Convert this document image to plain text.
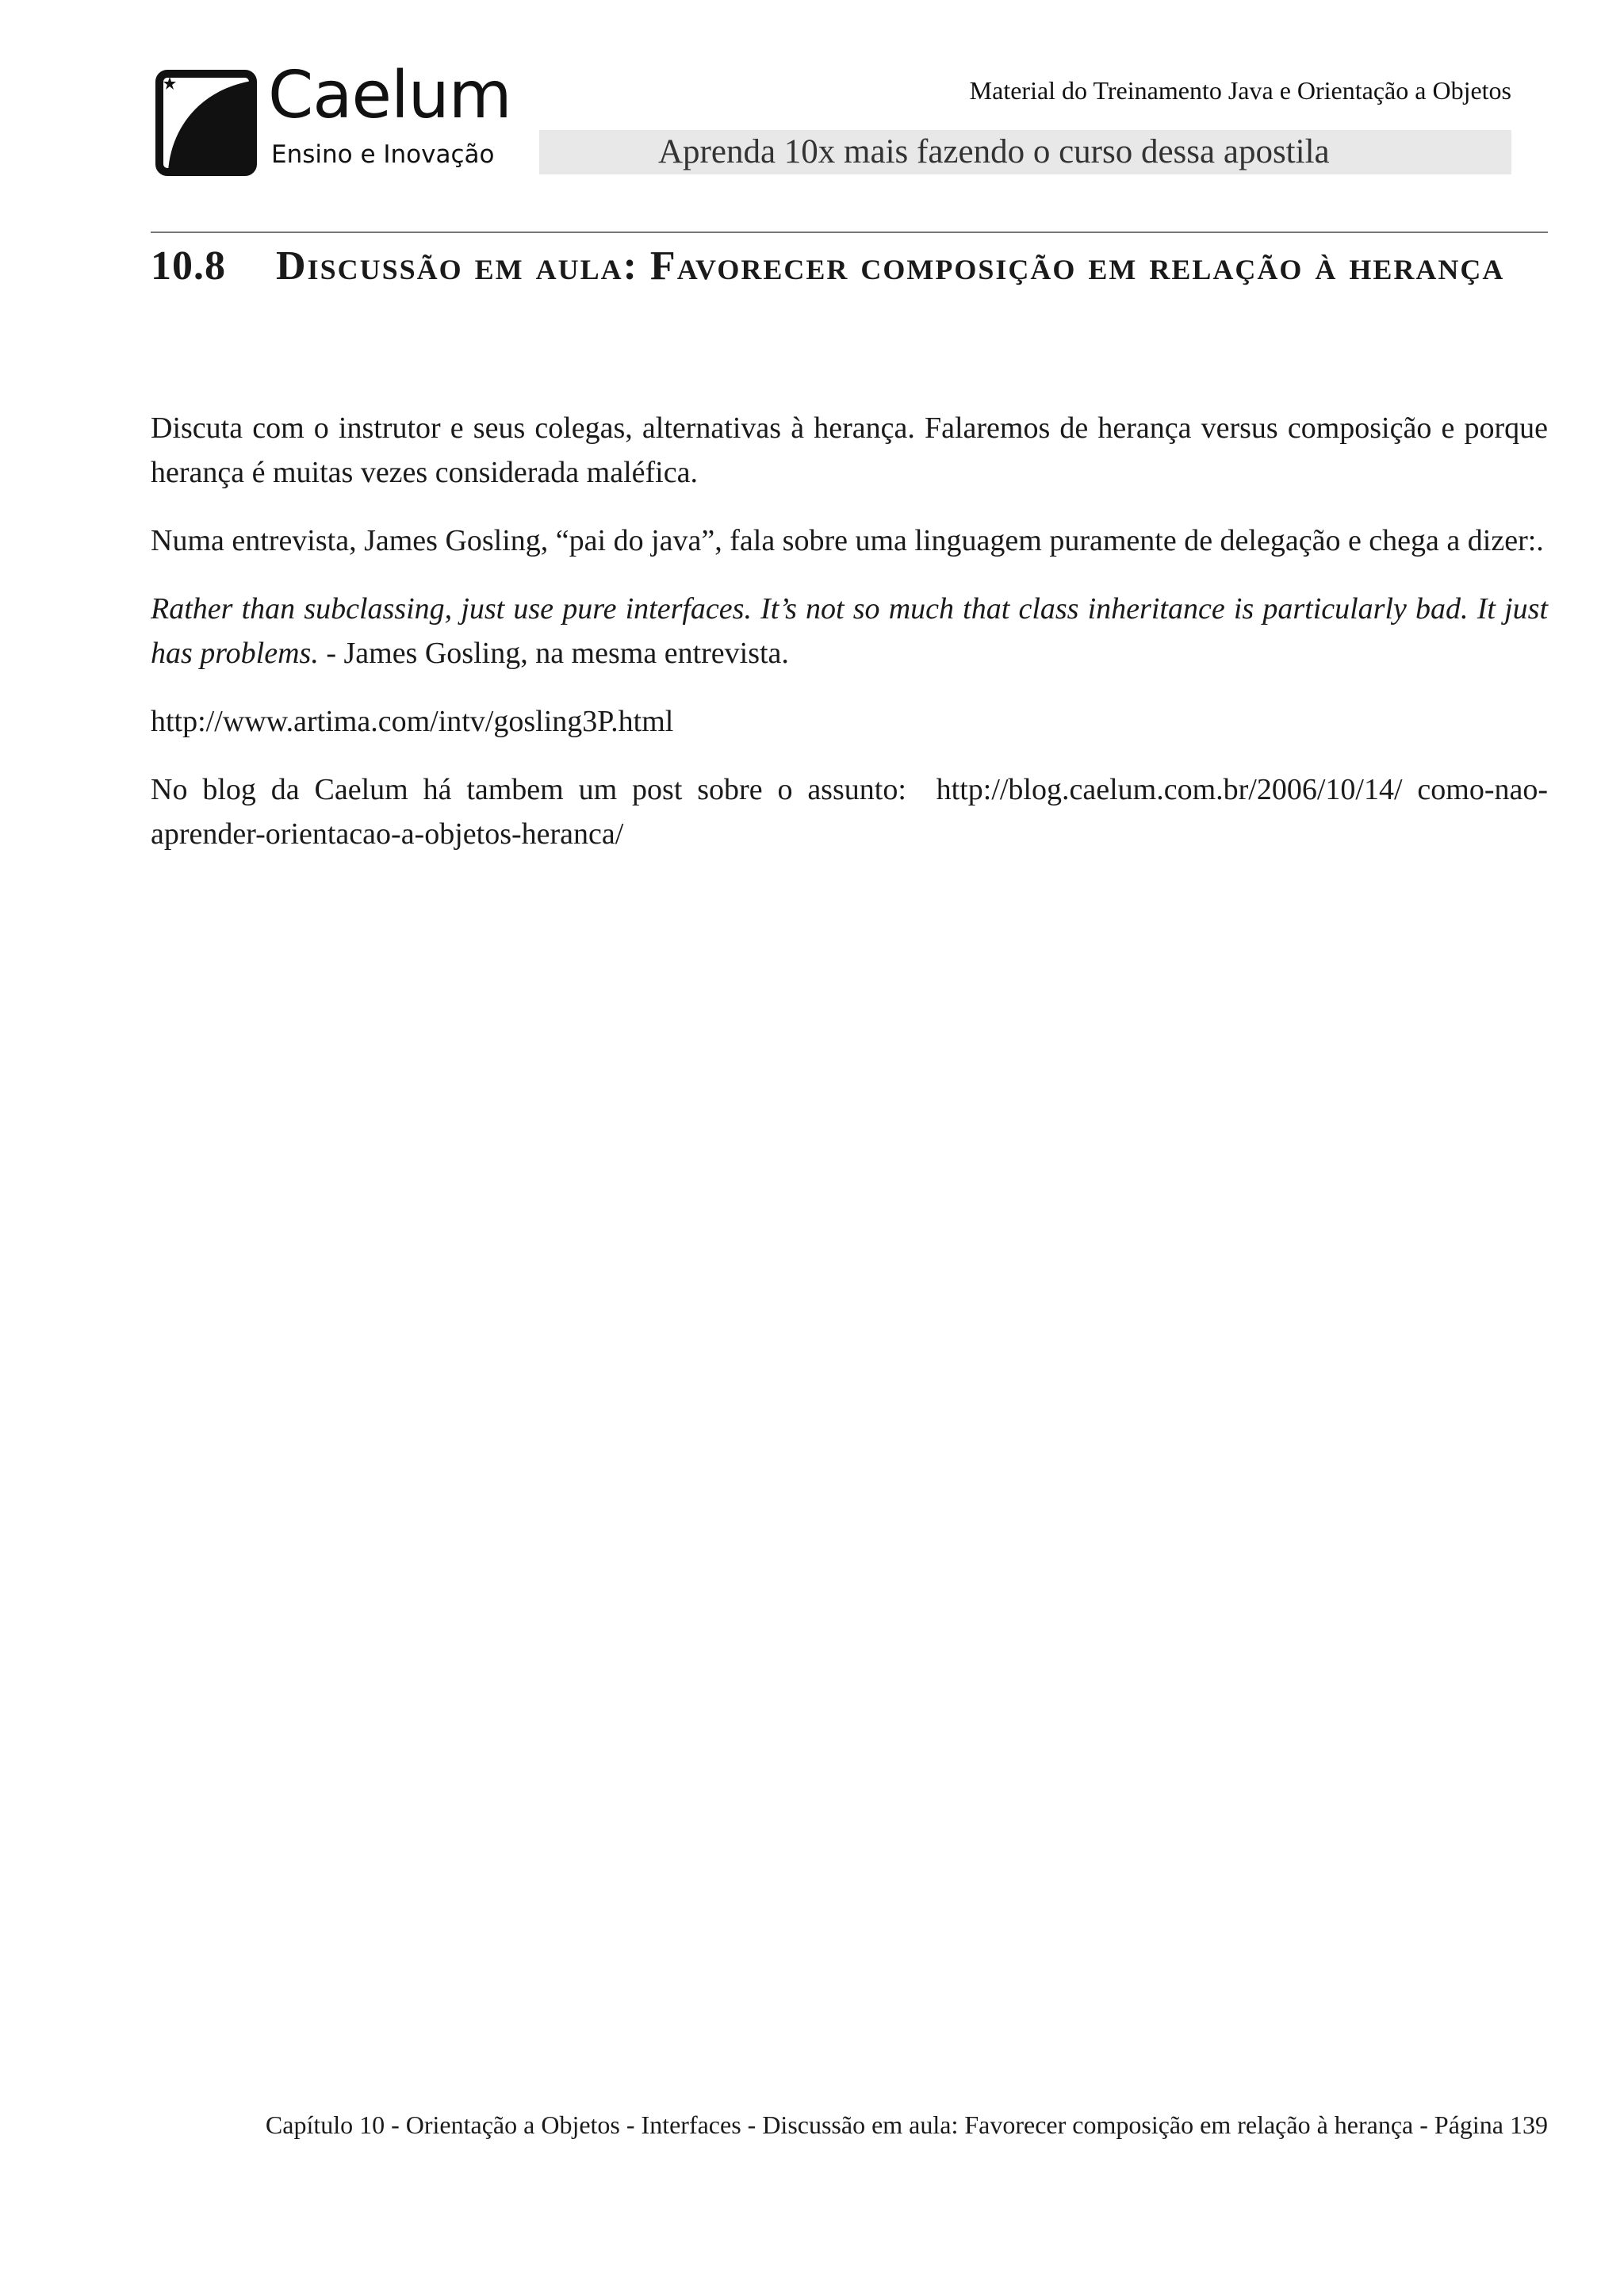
Caelum
Ensino e Inovação
Material do Treinamento Java e Orientação a Objetos
Aprenda 10x mais fazendo o curso dessa apostila
10.8 Discussão em aula: Favorecer composição em relação à herança

Discuta com o instrutor e seus colegas, alternativas à herança. Falaremos de herança versus composição e porque herança é muitas vezes considerada maléfica.

Numa entrevista, James Gosling, “pai do java”, fala sobre uma linguagem puramente de delegação e chega a dizer:.

Rather than subclassing, just use pure interfaces. It’s not so much that class inheritance is particularly bad. It just has problems. - James Gosling, na mesma entrevista.

http://www.artima.com/intv/gosling3P.html

No blog da Caelum há tambem um post sobre o assunto: http://blog.caelum.com.br/2006/10/14/ como-nao-aprender-orientacao-a-objetos-heranca/

Capítulo 10 - Orientação a Objetos - Interfaces - Discussão em aula: Favorecer composição em relação à herança - Página 139
